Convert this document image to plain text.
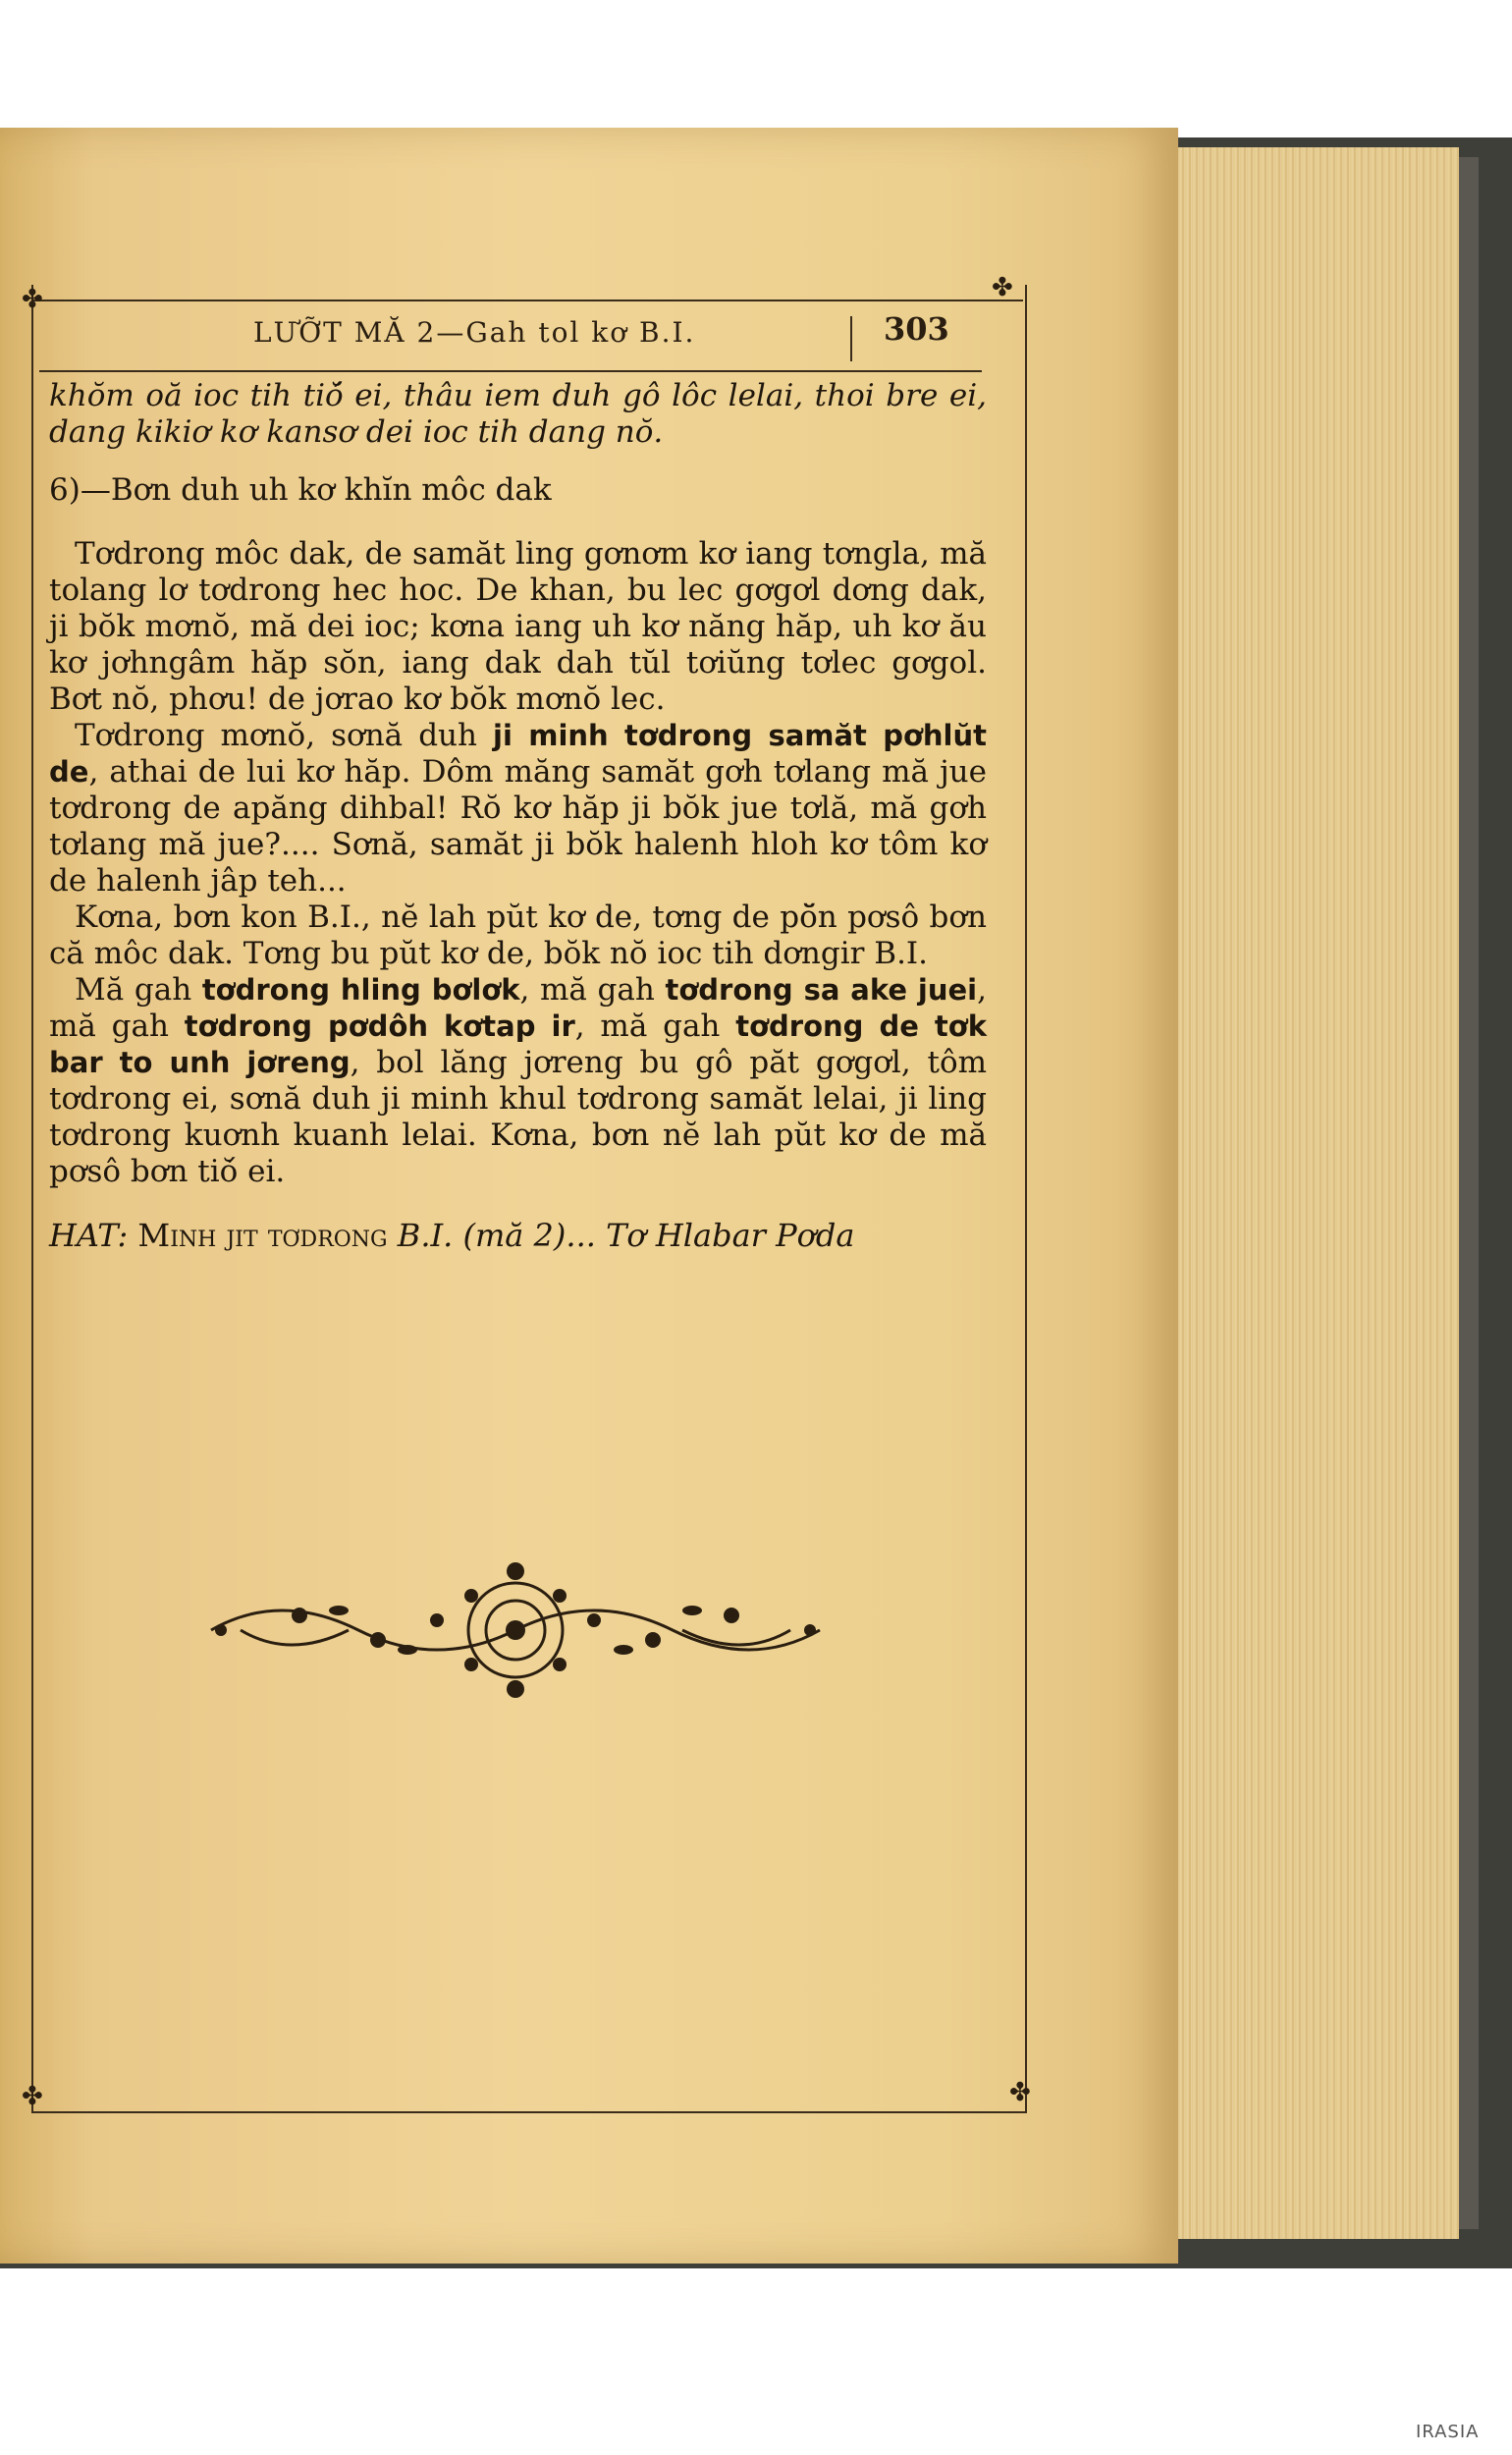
✤	✤
✤	✤
LƯỠT MĂ 2—Gah tol kơ B.I.	303

khŏm oă ioc tih tiŏ́ ei, thâu iem duh gô lôc lelai, thoi bre ei, dang kikiơ kơ kansơ dei ioc tih dang nŏ.

6)—Bơn duh uh kơ khĭn môc dak

Tơdrong môc dak, de samăt ling gơnơm kơ iang tơngla, mă tolang lơ tơdrong hec hoc. De khan, bu lec gơgơl dơng dak, ji bŏk mơnŏ, mă dei ioc; kơna iang uh kơ năng hăp, uh kơ ău kơ jơhngâm hăp sŏn, iang dak dah tŭl tơiŭng tơlec gơgol. Bơt nŏ, phơu! de jơrao kơ bŏk mơnŏ lec.

Tơdrong mơnŏ, sơnă duh ji minh tơdrong samăt pơhlŭt de, athai de lui kơ hăp. Dôm măng samăt gơh tơlang mă jue tơdrong de apăng dihbal! Rŏ kơ hăp ji bŏk jue tơlă, mă gơh tơlang mă jue?.... Sơnă, samăt ji bŏk halenh hloh kơ tôm kơ de halenh jâp teh...

Kơna, bơn kon B.I., nĕ lah pŭt kơ de, tơng de pŏ̆n pơsô bơn că môc dak. Tơng bu pŭt kơ de, bŏk nŏ ioc tih dơngir B.I.

Mă gah tơdrong hling bơlơk, mă gah tơdrong sa ake juei, mă gah tơdrong pơdôh kơtap ir, mă gah tơdrong de tơk bar to unh jơreng, bol lăng jơreng bu gô păt gơgơl, tôm tơdrong ei, sơnă duh ji minh khul tơdrong samăt lelai, ji ling tơdrong kuơnh kuanh lelai. Kơna, bơn nĕ lah pŭt kơ de mă pơsô bơn tiŏ́ ei.

HAT: Minh jit tơdrong B.I. (mă 2)... Tơ Hlabar Pơda

IRASIA
